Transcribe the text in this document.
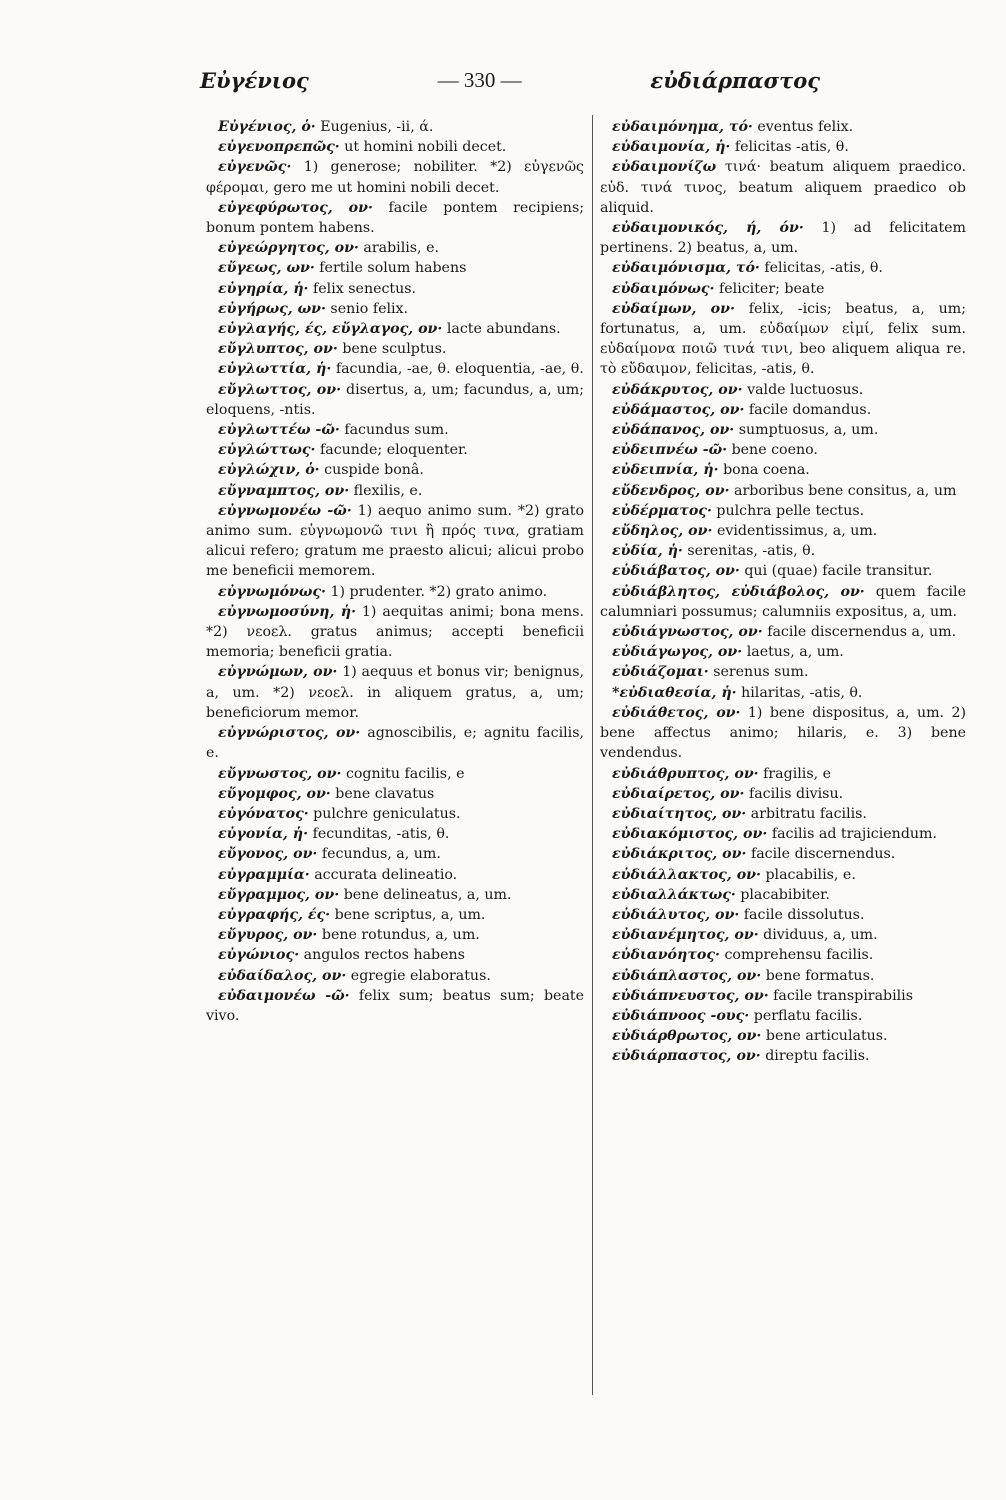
Εὐγένιος	— 330 —	εὐδιάρπαστος

Εὐγένιος, ὁ· Eugenius, -ii, ά.

εὐγενοπρεπῶς· ut homini nobili decet.

εὐγενῶς· 1) generose; nobiliter. *2) εὐγενῶς φέρομαι, gero me ut homini nobili decet.

εὐγεφύρωτος, ον· facile pontem recipiens; bonum pontem habens.

εὐγεώργητος, ον· arabilis, e.

εὔγεως, ων· fertile solum habens

εὐγηρία, ἡ· felix senectus.

εὐγήρως, ων· senio felix.

εὐγλαγής, ές, εὔγλαγος, ον· lacte abundans.

εὔγλυπτος, ον· bene sculptus.

εὐγλωττία, ἡ· facundia, -ae, θ. eloquentia, -ae, θ.

εὔγλωττος, ον· disertus, a, um; facundus, a, um; eloquens, -ntis.

εὐγλωττέω -ῶ· facundus sum.

εὐγλώττως· facunde; eloquenter.

εὐγλώχιν, ὁ· cuspide bonâ.

εὔγναμπτος, ον· flexilis, e.

εὐγνωμονέω -ῶ· 1) aequo animo sum. *2) grato animo sum. εὐγνωμονῶ τινι ἢ πρός τινα, gratiam alicui refero; gratum me praesto alicui; alicui probo me beneficii memorem.

εὐγνωμόνως· 1) prudenter. *2) grato animo.

εὐγνωμοσύνη, ἡ· 1) aequitas animi; bona mens. *2) νεοελ. gratus animus; accepti beneficii memoria; beneficii gratia.

εὐγνώμων, ον· 1) aequus et bonus vir; benignus, a, um. *2) νεοελ. in aliquem gratus, a, um; beneficiorum memor.

εὐγνώριστος, ον· agnoscibilis, e; agnitu facilis, e.

εὔγνωστος, ον· cognitu facilis, e

εὔγομφος, ον· bene clavatus

εὐγόνατος· pulchre geniculatus.

εὐγονία, ἡ· fecunditas, -atis, θ.

εὔγονος, ον· fecundus, a, um.

εὐγραμμία· accurata delineatio.

εὔγραμμος, ον· bene delineatus, a, um.

εὐγραφής, ές· bene scriptus, a, um.

εὔγυρος, ον· bene rotundus, a, um.

εὐγώνιος· angulos rectos habens

εὐδαίδαλος, ον· egregie elaboratus.

εὐδαιμονέω -ῶ· felix sum; beatus sum; beate vivo.

εὐδαιμόνημα, τό· eventus felix.

εὐδαιμονία, ἡ· felicitas -atis, θ.

εὐδαιμονίζω τινά· beatum aliquem praedico. εὐδ. τινά τινος, beatum aliquem praedico ob aliquid.

εὐδαιμονικός, ή, όν· 1) ad felicitatem pertinens. 2) beatus, a, um.

εὐδαιμόνισμα, τό· felicitas, -atis, θ.

εὐδαιμόνως· feliciter; beate

εὐδαίμων, ον· felix, -icis; beatus, a, um; fortunatus, a, um. εὐδαίμων εἰμί, felix sum. εὐδαίμονα ποιῶ τινά τινι, beo aliquem aliqua re. τὸ εὔδαιμον, felicitas, -atis, θ.

εὐδάκρυτος, ον· valde luctuosus.

εὐδάμαστος, ον· facile domandus.

εὐδάπανος, ον· sumptuosus, a, um.

εὐδειπνέω -ῶ· bene coeno.

εὐδειπνία, ἡ· bona coena.

εὔδενδρος, ον· arboribus bene consitus, a, um

εὐδέρματος· pulchra pelle tectus.

εὔδηλος, ον· evidentissimus, a, um.

εὐδία, ἡ· serenitas, -atis, θ.

εὐδιάβατος, ον· qui (quae) facile transitur.

εὐδιάβλητος, εὐδιάβολος, ον· quem facile calumniari possumus; calumniis expositus, a, um.

εὐδιάγνωστος, ον· facile discernendus a, um.

εὐδιάγωγος, ον· laetus, a, um.

εὐδιάζομαι· serenus sum.

*εὐδιαθεσία, ἡ· hilaritas, -atis, θ.

εὐδιάθετος, ον· 1) bene dispositus, a, um. 2) bene affectus animo; hilaris, e. 3) bene vendendus.

εὐδιάθρυπτος, ον· fragilis, e

εὐδιαίρετος, ον· facilis divisu.

εὐδιαίτητος, ον· arbitratu facilis.

εὐδιακόμιστος, ον· facilis ad trajiciendum.

εὐδιάκριτος, ον· facile discernendus.

εὐδιάλλακτος, ον· placabilis, e.

εὐδιαλλάκτως· placabibiter.

εὐδιάλυτος, ον· facile dissolutus.

εὐδιανέμητος, ον· dividuus, a, um.

εὐδιανόητος· comprehensu facilis.

εὐδιάπλαστος, ον· bene formatus.

εὐδιάπνευστος, ον· facile transpirabilis

εὐδιάπνοος -ους· perflatu facilis.

εὐδιάρθρωτος, ον· bene articulatus.

εὐδιάρπαστος, ον· direptu facilis.
